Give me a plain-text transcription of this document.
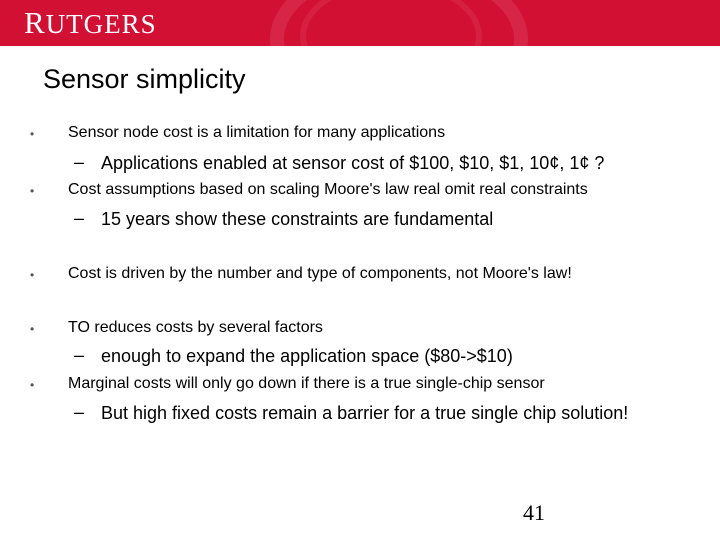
RUTGERS
Sensor simplicity
• Sensor node cost is a limitation for many applications
– Applications enabled at sensor cost of $100, $10, $1, 10¢, 1¢ ?
• Cost assumptions based on scaling Moore's law real omit real constraints
– 15 years show these constraints are fundamental
• Cost is driven by the number and type of components, not Moore's law!
• TO reduces costs by several factors
– enough to expand the application space ($80->$10)
• Marginal costs will only go down if there is a true single-chip sensor
– But high fixed costs remain a barrier for a true single chip solution!
41
